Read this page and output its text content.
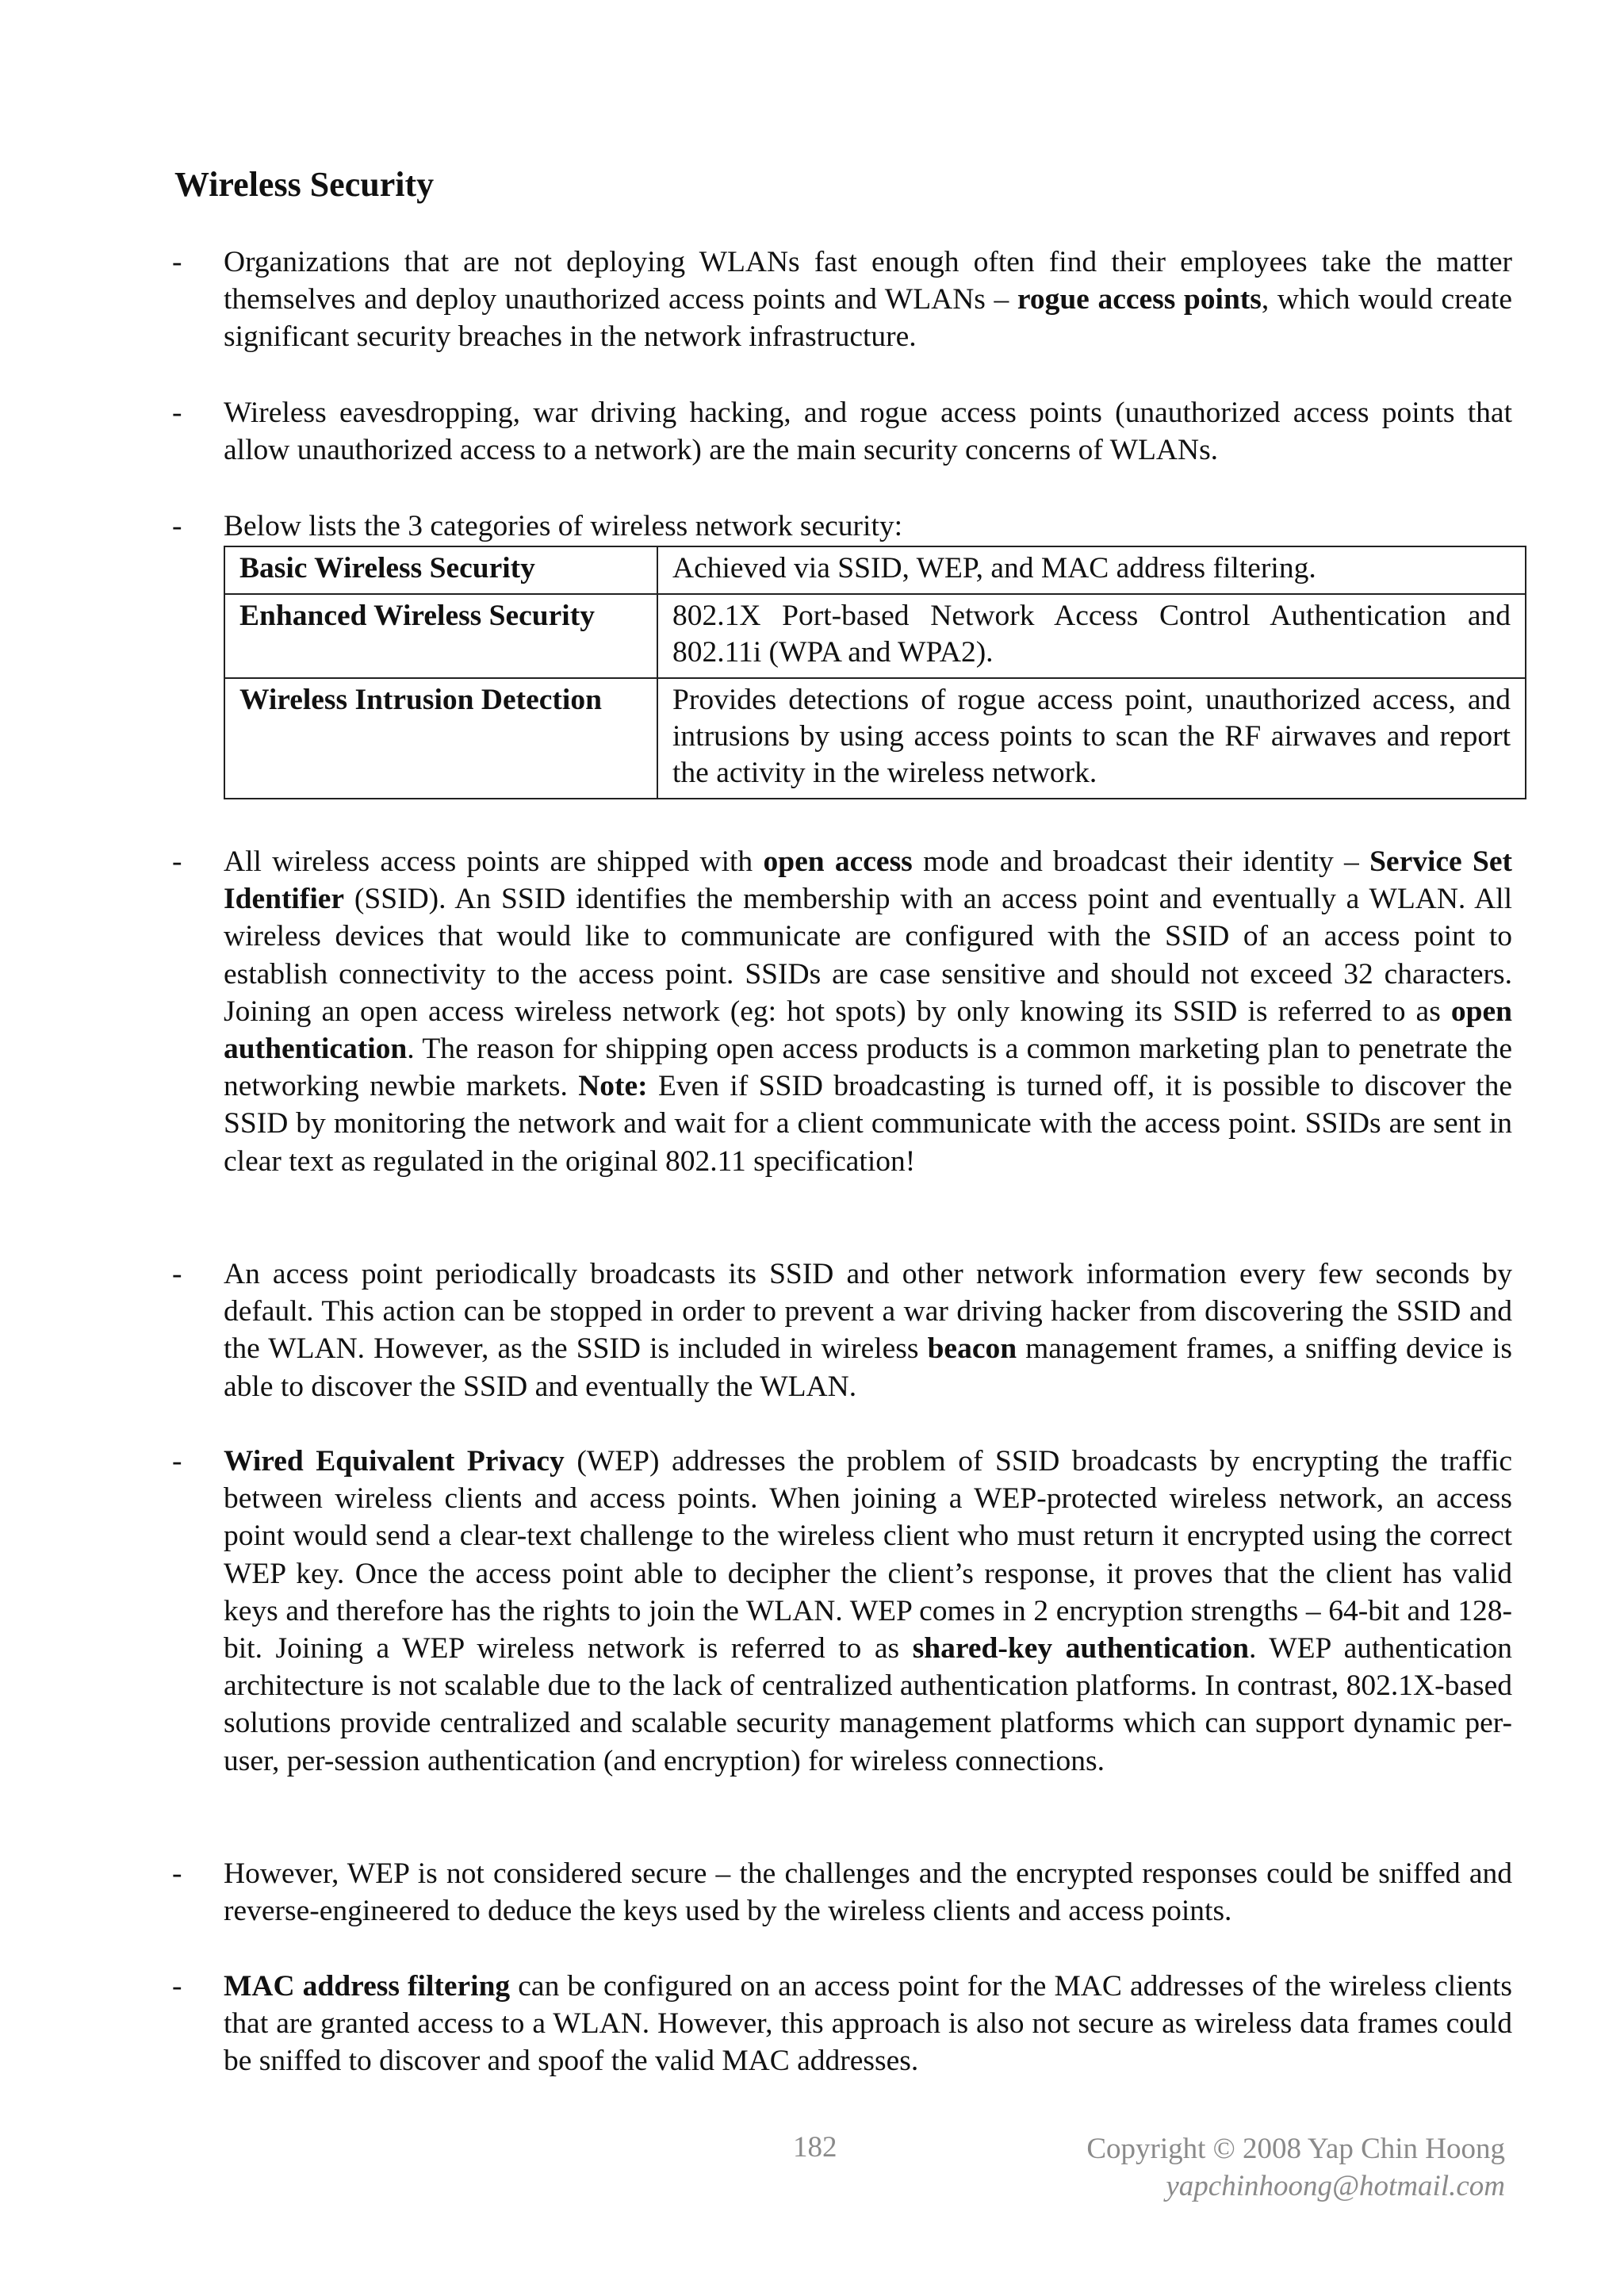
Wireless Security
-	Organizations that are not deploying WLANs fast enough often find their employees take the matter themselves and deploy unauthorized access points and WLANs – rogue access points, which would create significant security breaches in the network infrastructure.
-	Wireless eavesdropping, war driving hacking, and rogue access points (unauthorized access points that allow unauthorized access to a network) are the main security concerns of WLANs.
-	Below lists the 3 categories of wireless network security:
Basic Wireless Security	Achieved via SSID, WEP, and MAC address filtering.
Enhanced Wireless Security	802.1X Port-based Network Access Control Authentication and 802.11i (WPA and WPA2).
Wireless Intrusion Detection	Provides detections of rogue access point, unauthorized access, and intrusions by using access points to scan the RF airwaves and report the activity in the wireless network.
-	All wireless access points are shipped with open access mode and broadcast their identity – Service Set Identifier (SSID). An SSID identifies the membership with an access point and eventually a WLAN. All wireless devices that would like to communicate are configured with the SSID of an access point to establish connectivity to the access point. SSIDs are case sensitive and should not exceed 32 characters. Joining an open access wireless network (eg: hot spots) by only knowing its SSID is referred to as open authentication. The reason for shipping open access products is a common marketing plan to penetrate the networking newbie markets. Note: Even if SSID broadcasting is turned off, it is possible to discover the SSID by monitoring the network and wait for a client communicate with the access point. SSIDs are sent in clear text as regulated in the original 802.11 specification!
-	An access point periodically broadcasts its SSID and other network information every few seconds by default. This action can be stopped in order to prevent a war driving hacker from discovering the SSID and the WLAN. However, as the SSID is included in wireless beacon management frames, a sniffing device is able to discover the SSID and eventually the WLAN.
-	Wired Equivalent Privacy (WEP) addresses the problem of SSID broadcasts by encrypting the traffic between wireless clients and access points. When joining a WEP-protected wireless network, an access point would send a clear-text challenge to the wireless client who must return it encrypted using the correct WEP key. Once the access point able to decipher the client’s response, it proves that the client has valid keys and therefore has the rights to join the WLAN. WEP comes in 2 encryption strengths – 64-bit and 128-bit. Joining a WEP wireless network is referred to as shared-key authentication. WEP authentication architecture is not scalable due to the lack of centralized authentication platforms. In contrast, 802.1X-based solutions provide centralized and scalable security management platforms which can support dynamic per-user, per-session authentication (and encryption) for wireless connections.
-	However, WEP is not considered secure – the challenges and the encrypted responses could be sniffed and reverse-engineered to deduce the keys used by the wireless clients and access points.
-	MAC address filtering can be configured on an access point for the MAC addresses of the wireless clients that are granted access to a WLAN. However, this approach is also not secure as wireless data frames could be sniffed to discover and spoof the valid MAC addresses.
182	Copyright © 2008 Yap Chin Hoong
yapchinhoong@hotmail.com
